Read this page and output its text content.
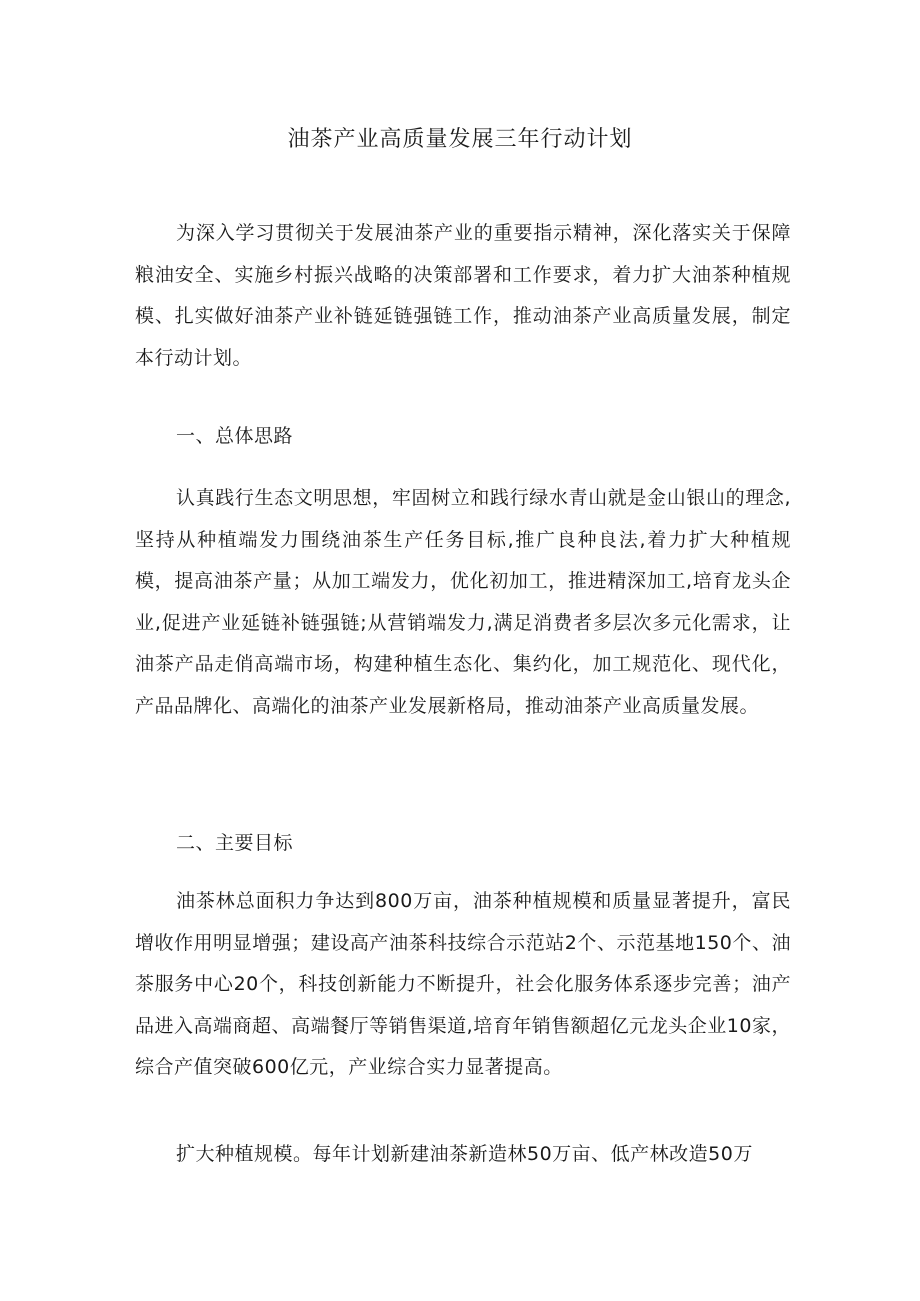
油茶产业高质量发展三年行动计划

为深入学习贯彻关于发展油茶产业的重要指示精神，深化落实关于保障粮油安全、实施乡村振兴战略的决策部署和工作要求，着力扩大油茶种植规模、扎实做好油茶产业补链延链强链工作，推动油茶产业高质量发展，制定本行动计划。

一、总体思路

认真践行生态文明思想，牢固树立和践行绿水青山就是金山银山的理念,坚持从种植端发力围绕油茶生产任务目标,推广良种良法,着力扩大种植规模，提高油茶产量；从加工端发力，优化初加工，推进精深加工,培育龙头企业,促进产业延链补链强链;从营销端发力,满足消费者多层次多元化需求，让油茶产品走俏高端市场，构建种植生态化、集约化，加工规范化、现代化，产品品牌化、高端化的油茶产业发展新格局，推动油茶产业高质量发展。

二、主要目标

油茶林总面积力争达到800万亩，油茶种植规模和质量显著提升，富民增收作用明显增强；建设高产油茶科技综合示范站2个、示范基地150个、油茶服务中心20个，科技创新能力不断提升，社会化服务体系逐步完善；油产品进入高端商超、高端餐厅等销售渠道,培育年销售额超亿元龙头企业10家，综合产值突破600亿元，产业综合实力显著提高。

扩大种植规模。每年计划新建油茶新造林50万亩、低产林改造50万
